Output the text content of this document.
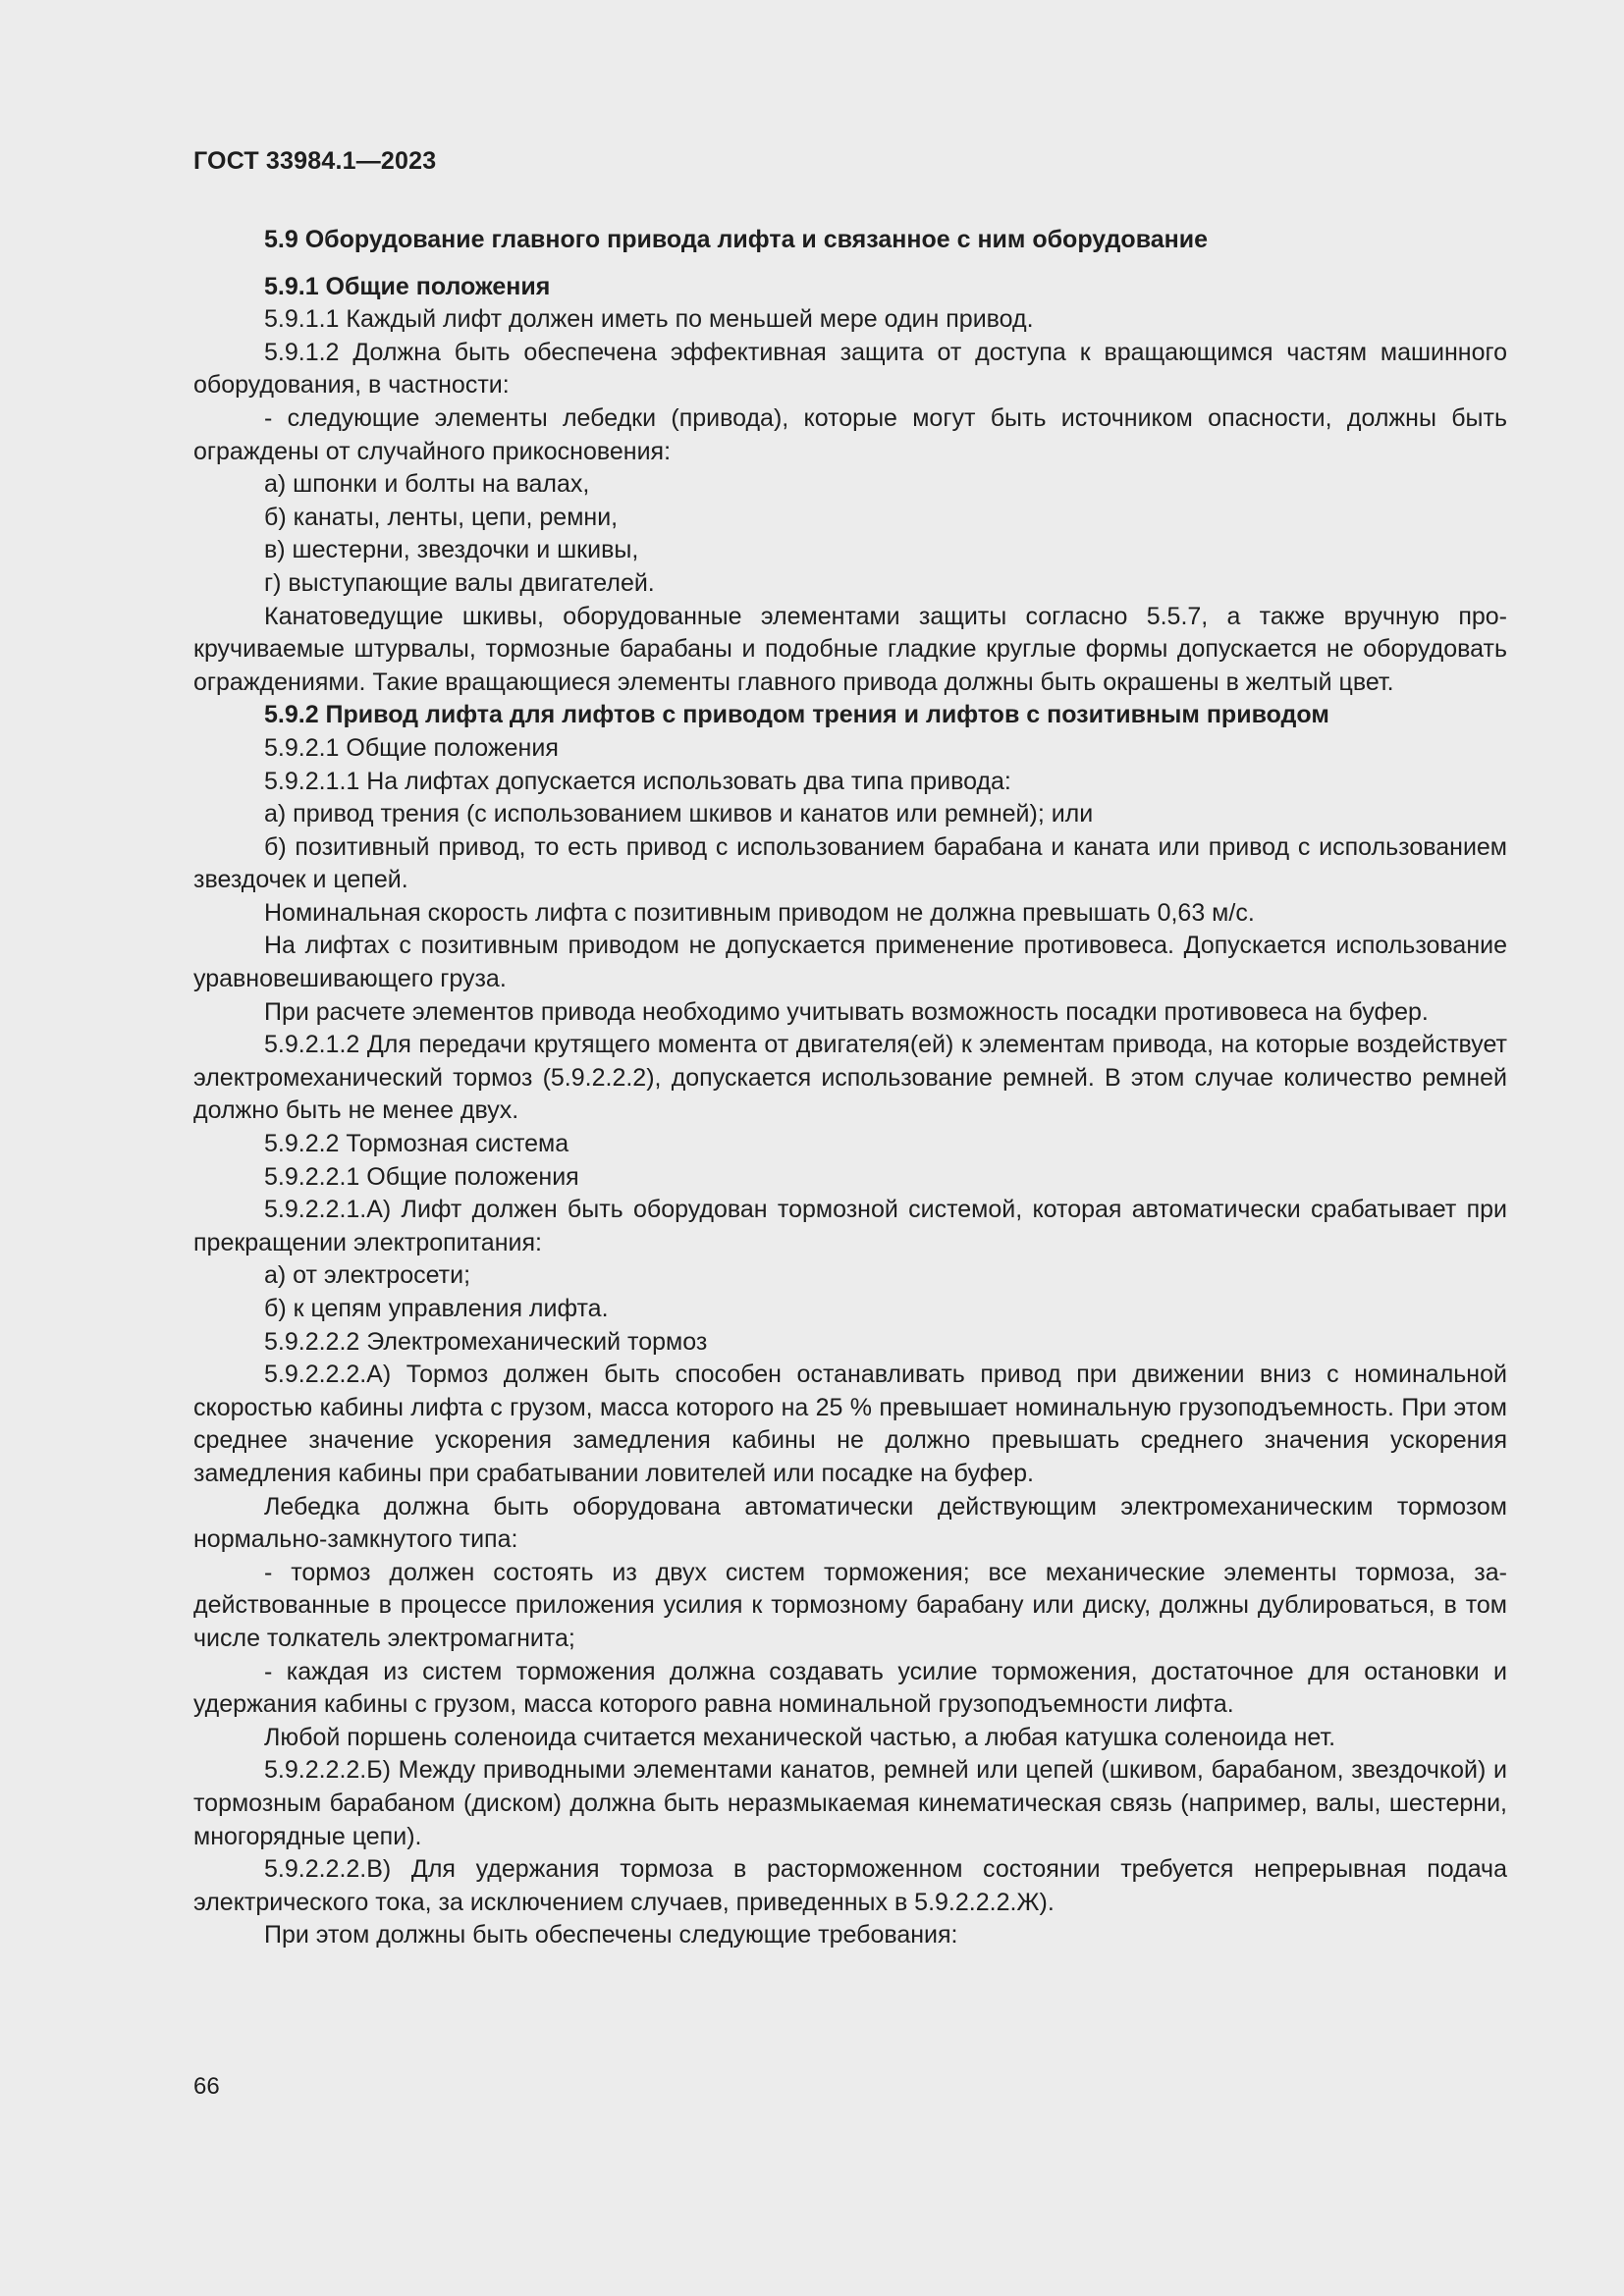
ГОСТ 33984.1—2023

5.9 Оборудование главного привода лифта и связанное с ним оборудование

5.9.1 Общие положения

5.9.1.1 Каждый лифт должен иметь по меньшей мере один привод.

5.9.1.2 Должна быть обеспечена эффективная защита от доступа к вращающимся частям машинного оборудования, в частности:

- следующие элементы лебедки (привода), которые могут быть источником опасности, должны быть ограждены от случайного прикосновения:

а) шпонки и болты на валах,

б) канаты, ленты, цепи, ремни,

в) шестерни, звездочки и шкивы,

г) выступающие валы двигателей.

Канатоведущие шкивы, оборудованные элементами защиты согласно 5.5.7, а также вручную прокручиваемые штурвалы, тормозные барабаны и подобные гладкие круглые формы допускается не оборудовать ограждениями. Такие вращающиеся элементы главного привода должны быть окрашены в желтый цвет.

5.9.2 Привод лифта для лифтов с приводом трения и лифтов с позитивным приводом

5.9.2.1 Общие положения

5.9.2.1.1 На лифтах допускается использовать два типа привода:

а) привод трения (с использованием шкивов и канатов или ремней); или

б) позитивный привод, то есть привод с использованием барабана и каната или привод с использованием звездочек и цепей.

Номинальная скорость лифта с позитивным приводом не должна превышать 0,63 м/с.

На лифтах с позитивным приводом не допускается применение противовеса. Допускается использование уравновешивающего груза.

При расчете элементов привода необходимо учитывать возможность посадки противовеса на буфер.

5.9.2.1.2 Для передачи крутящего момента от двигателя(ей) к элементам привода, на которые воздействует электромеханический тормоз (5.9.2.2.2), допускается использование ремней. В этом случае количество ремней должно быть не менее двух.

5.9.2.2 Тормозная система

5.9.2.2.1 Общие положения

5.9.2.2.1.А) Лифт должен быть оборудован тормозной системой, которая автоматически срабатывает при прекращении электропитания:

а) от электросети;

б) к цепям управления лифта.

5.9.2.2.2 Электромеханический тормоз

5.9.2.2.2.А) Тормоз должен быть способен останавливать привод при движении вниз с номинальной скоростью кабины лифта с грузом, масса которого на 25 % превышает номинальную грузоподъемность. При этом среднее значение ускорения замедления кабины не должно превышать среднего значения ускорения замедления кабины при срабатывании ловителей или посадке на буфер.

Лебедка должна быть оборудована автоматически действующим электромеханическим тормозом нормально-замкнутого типа:

- тормоз должен состоять из двух систем торможения; все механические элементы тормоза, задействованные в процессе приложения усилия к тормозному барабану или диску, должны дублироваться, в том числе толкатель электромагнита;

- каждая из систем торможения должна создавать усилие торможения, достаточное для остановки и удержания кабины с грузом, масса которого равна номинальной грузоподъемности лифта.

Любой поршень соленоида считается механической частью, а любая катушка соленоида нет.

5.9.2.2.2.Б) Между приводными элементами канатов, ремней или цепей (шкивом, барабаном, звездочкой) и тормозным барабаном (диском) должна быть неразмыкаемая кинематическая связь (например, валы, шестерни, многорядные цепи).

5.9.2.2.2.В) Для удержания тормоза в расторможенном состоянии требуется непрерывная подача электрического тока, за исключением случаев, приведенных в 5.9.2.2.2.Ж).

При этом должны быть обеспечены следующие требования:

66
